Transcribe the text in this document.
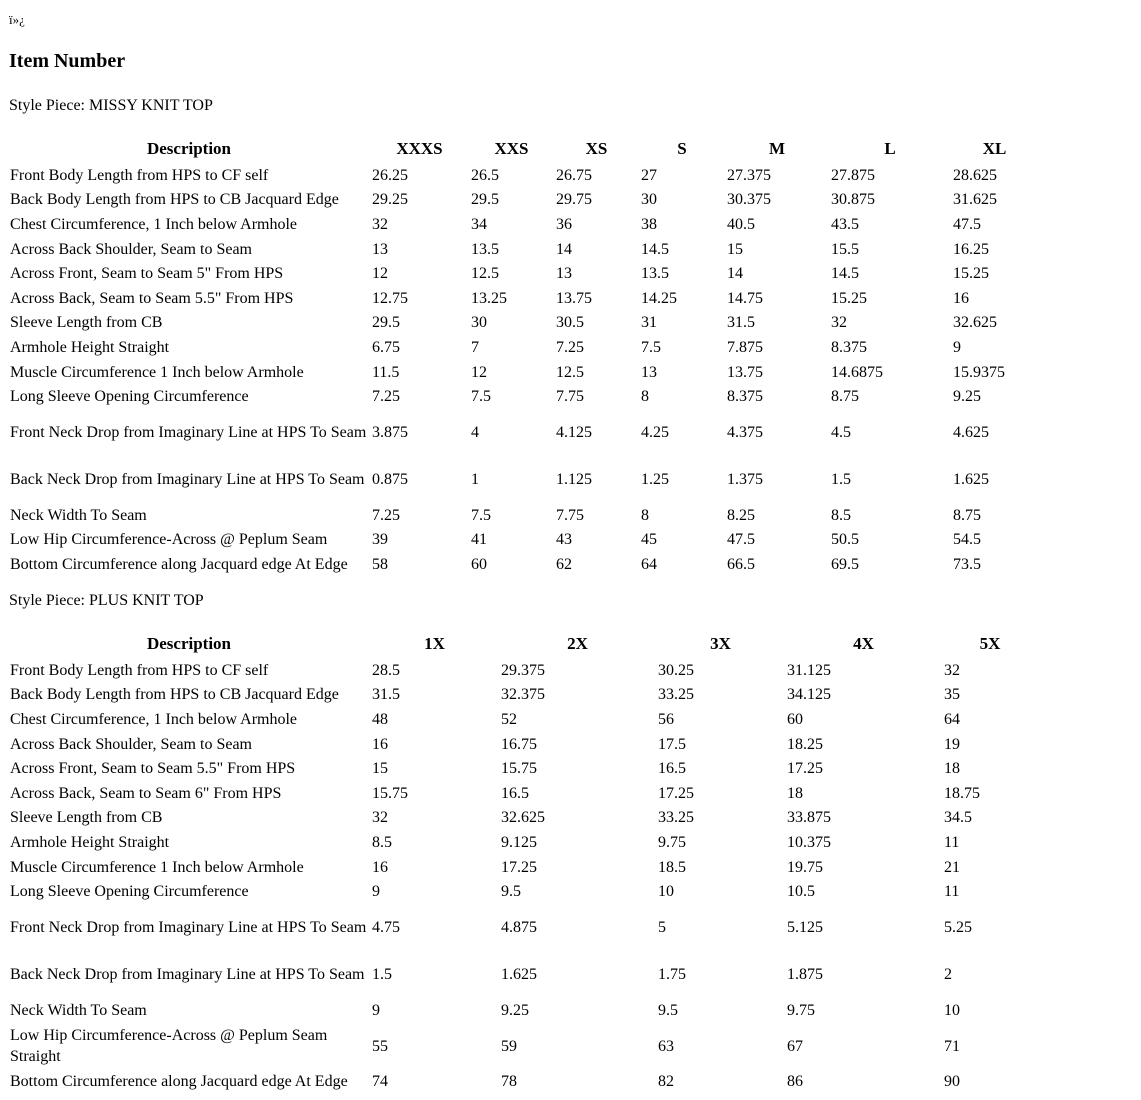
ï»¿
Item Number
Style Piece: MISSY KNIT TOP
Description	XXXS	XXS	XS	S	M	L	XL
Front Body Length from HPS to CF self	26.25	26.5	26.75	27	27.375	27.875	28.625
Back Body Length from HPS to CB Jacquard Edge	29.25	29.5	29.75	30	30.375	30.875	31.625
Chest Circumference, 1 Inch below Armhole	32	34	36	38	40.5	43.5	47.5
Across Back Shoulder, Seam to Seam	13	13.5	14	14.5	15	15.5	16.25
Across Front, Seam to Seam 5" From HPS	12	12.5	13	13.5	14	14.5	15.25
Across Back, Seam to Seam 5.5" From HPS	12.75	13.25	13.75	14.25	14.75	15.25	16
Sleeve Length from CB	29.5	30	30.5	31	31.5	32	32.625
Armhole Height Straight	6.75	7	7.25	7.5	7.875	8.375	9
Muscle Circumference 1 Inch below Armhole	11.5	12	12.5	13	13.75	14.6875	15.9375
Long Sleeve Opening Circumference	7.25	7.5	7.75	8	8.375	8.75	9.25
Front Neck Drop from Imaginary Line at HPS To Seam	3.875	4	4.125	4.25	4.375	4.5	4.625
Back Neck Drop from Imaginary Line at HPS To Seam	0.875	1	1.125	1.25	1.375	1.5	1.625
Neck Width To Seam	7.25	7.5	7.75	8	8.25	8.5	8.75
Low Hip Circumference-Across @ Peplum Seam	39	41	43	45	47.5	50.5	54.5
Bottom Circumference along Jacquard edge At Edge	58	60	62	64	66.5	69.5	73.5
Style Piece: PLUS KNIT TOP
Description	1X	2X	3X	4X	5X
Front Body Length from HPS to CF self	28.5	29.375	30.25	31.125	32
Back Body Length from HPS to CB Jacquard Edge	31.5	32.375	33.25	34.125	35
Chest Circumference, 1 Inch below Armhole	48	52	56	60	64
Across Back Shoulder, Seam to Seam	16	16.75	17.5	18.25	19
Across Front, Seam to Seam 5.5" From HPS	15	15.75	16.5	17.25	18
Across Back, Seam to Seam 6" From HPS	15.75	16.5	17.25	18	18.75
Sleeve Length from CB	32	32.625	33.25	33.875	34.5
Armhole Height Straight	8.5	9.125	9.75	10.375	11
Muscle Circumference 1 Inch below Armhole	16	17.25	18.5	19.75	21
Long Sleeve Opening Circumference	9	9.5	10	10.5	11
Front Neck Drop from Imaginary Line at HPS To Seam	4.75	4.875	5	5.125	5.25
Back Neck Drop from Imaginary Line at HPS To Seam	1.5	1.625	1.75	1.875	2
Neck Width To Seam	9	9.25	9.5	9.75	10
Low Hip Circumference-Across @ Peplum Seam Straight	55	59	63	67	71
Bottom Circumference along Jacquard edge At Edge	74	78	82	86	90
